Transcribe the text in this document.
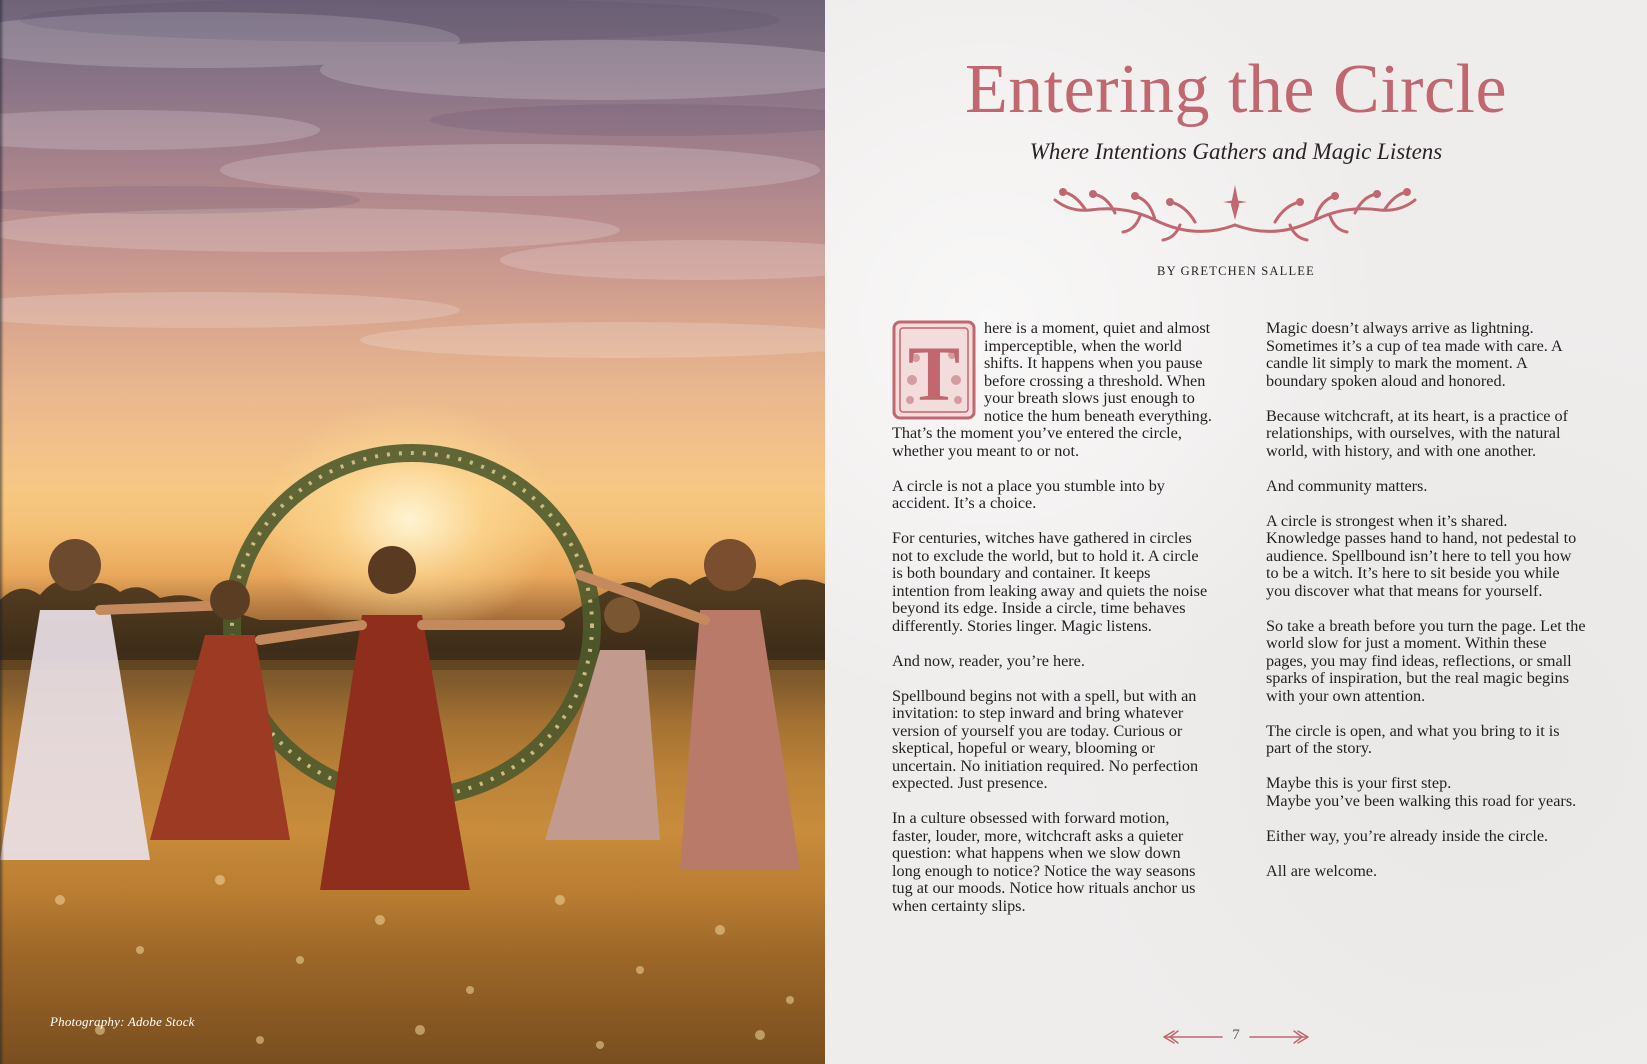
Photography: Adobe Stock
Entering the Circle
Where Intentions Gathers and Magic Listens
BY GRETCHEN SALLEE
T

here is a moment, quiet and almost imperceptible, when the world shifts. It happens when you pause before crossing a threshold. When your breath slows just enough to notice the hum beneath everything. That’s the moment you’ve entered the circle, whether you meant to or not.

A circle is not a place you stumble into by accident. It’s a choice.

For centuries, witches have gathered in circles not to exclude the world, but to hold it. A circle is both boundary and container. It keeps intention from leaking away and quiets the noise beyond its edge. Inside a circle, time behaves differently. Stories linger. Magic listens.

And now, reader, you’re here.

Spellbound begins not with a spell, but with an invitation: to step inward and bring whatever version of yourself you are today. Curious or skeptical, hopeful or weary, blooming or uncertain. No initiation required. No perfection expected. Just presence.

In a culture obsessed with forward motion, faster, louder, more, witchcraft asks a quieter question: what happens when we slow down long enough to notice? Notice the way seasons tug at our moods. Notice how rituals anchor us when certainty slips.

Magic doesn’t always arrive as lightning. Sometimes it’s a cup of tea made with care. A candle lit simply to mark the moment. A boundary spoken aloud and honored.

Because witchcraft, at its heart, is a practice of relationships, with ourselves, with the natural world, with history, and with one another.

And community matters.

A circle is strongest when it’s shared. Knowledge passes hand to hand, not pedestal to audience. Spellbound isn’t here to tell you how to be a witch. It’s here to sit beside you while you discover what that means for yourself.

So take a breath before you turn the page. Let the world slow for just a moment. Within these pages, you may find ideas, reflections, or small sparks of inspiration, but the real magic begins with your own attention.

The circle is open, and what you bring to it is part of the story.

Maybe this is your first step.

Maybe you’ve been walking this road for years.

Either way, you’re already inside the circle.

All are welcome.

7
